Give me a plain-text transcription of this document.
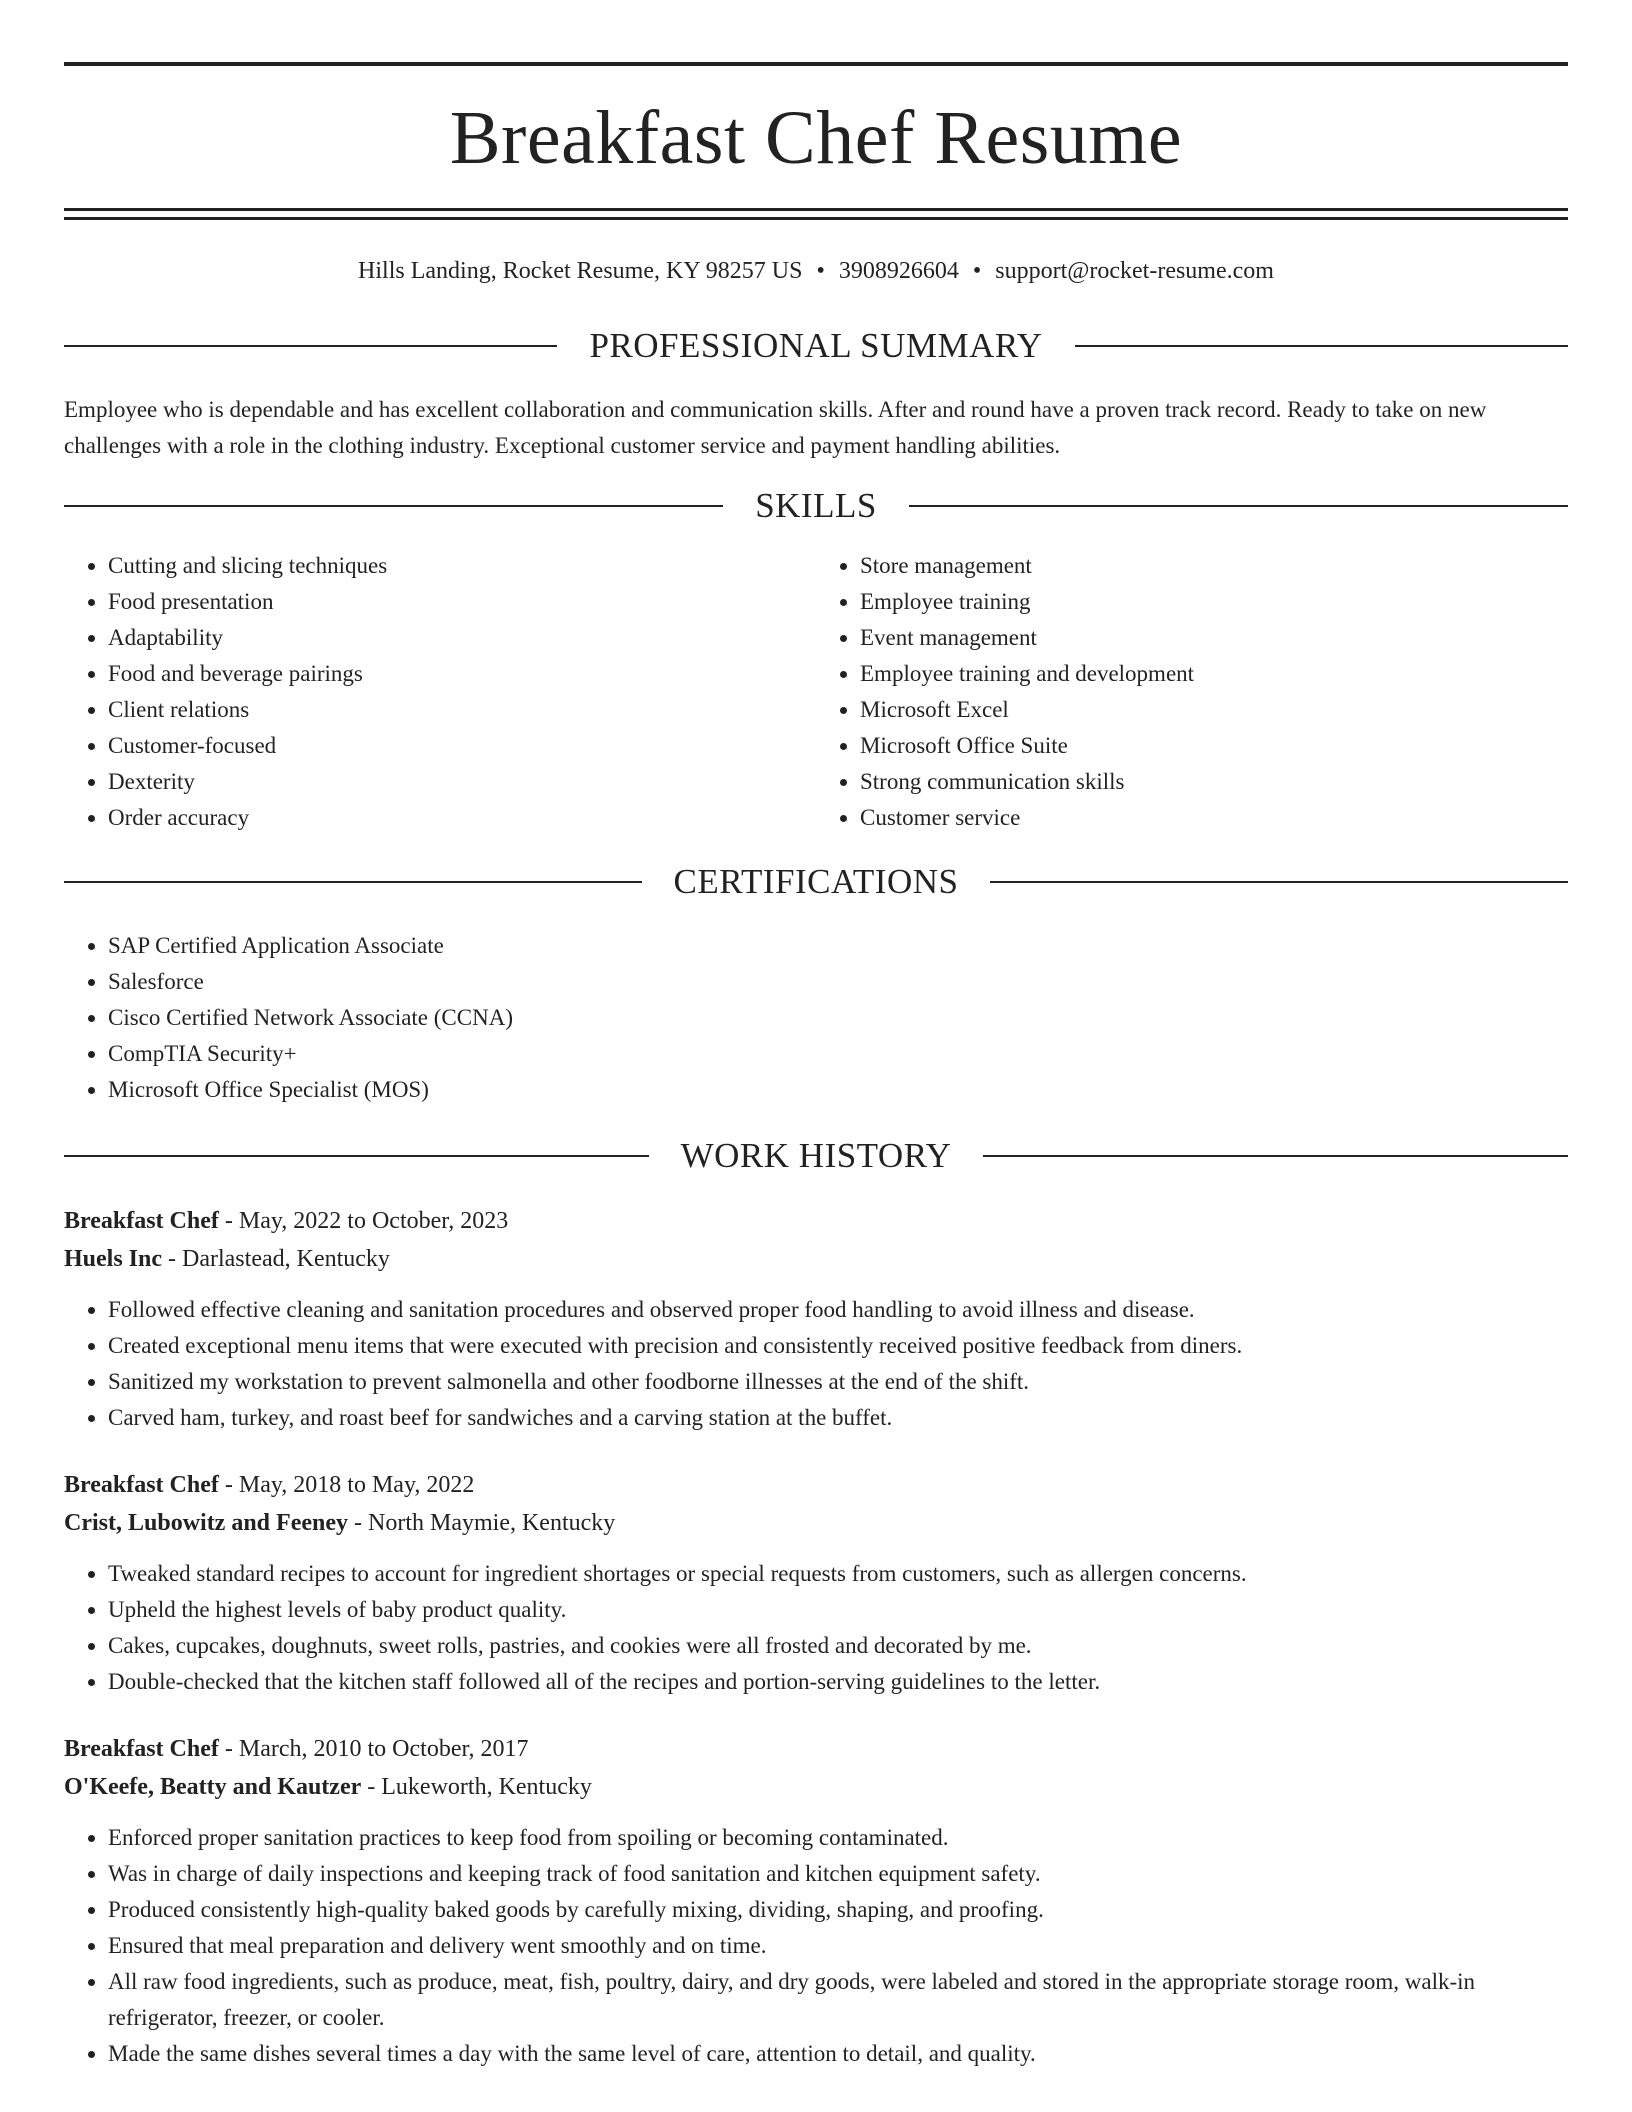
Breakfast Chef Resume
Hills Landing, Rocket Resume, KY 98257 US • 3908926604 • support@rocket-resume.com
PROFESSIONAL SUMMARY

Employee who is dependable and has excellent collaboration and communication skills. After and round have a proven track record. Ready to take on new challenges with a role in the clothing industry. Exceptional customer service and payment handling abilities.

SKILLS
• Cutting and slicing techniques
• Food presentation
• Adaptability
• Food and beverage pairings
• Client relations
• Customer-focused
• Dexterity
• Order accuracy
• Store management
• Employee training
• Event management
• Employee training and development
• Microsoft Excel
• Microsoft Office Suite
• Strong communication skills
• Customer service
CERTIFICATIONS
• SAP Certified Application Associate
• Salesforce
• Cisco Certified Network Associate (CCNA)
• CompTIA Security+
• Microsoft Office Specialist (MOS)
WORK HISTORY
Breakfast Chef - May, 2022 to October, 2023
Huels Inc - Darlastead, Kentucky
• Followed effective cleaning and sanitation procedures and observed proper food handling to avoid illness and disease.
• Created exceptional menu items that were executed with precision and consistently received positive feedback from diners.
• Sanitized my workstation to prevent salmonella and other foodborne illnesses at the end of the shift.
• Carved ham, turkey, and roast beef for sandwiches and a carving station at the buffet.
Breakfast Chef - May, 2018 to May, 2022
Crist, Lubowitz and Feeney - North Maymie, Kentucky
• Tweaked standard recipes to account for ingredient shortages or special requests from customers, such as allergen concerns.
• Upheld the highest levels of baby product quality.
• Cakes, cupcakes, doughnuts, sweet rolls, pastries, and cookies were all frosted and decorated by me.
• Double-checked that the kitchen staff followed all of the recipes and portion-serving guidelines to the letter.
Breakfast Chef - March, 2010 to October, 2017
O'Keefe, Beatty and Kautzer - Lukeworth, Kentucky
• Enforced proper sanitation practices to keep food from spoiling or becoming contaminated.
• Was in charge of daily inspections and keeping track of food sanitation and kitchen equipment safety.
• Produced consistently high-quality baked goods by carefully mixing, dividing, shaping, and proofing.
• Ensured that meal preparation and delivery went smoothly and on time.
• All raw food ingredients, such as produce, meat, fish, poultry, dairy, and dry goods, were labeled and stored in the appropriate storage room, walk-in refrigerator, freezer, or cooler.
• Made the same dishes several times a day with the same level of care, attention to detail, and quality.
